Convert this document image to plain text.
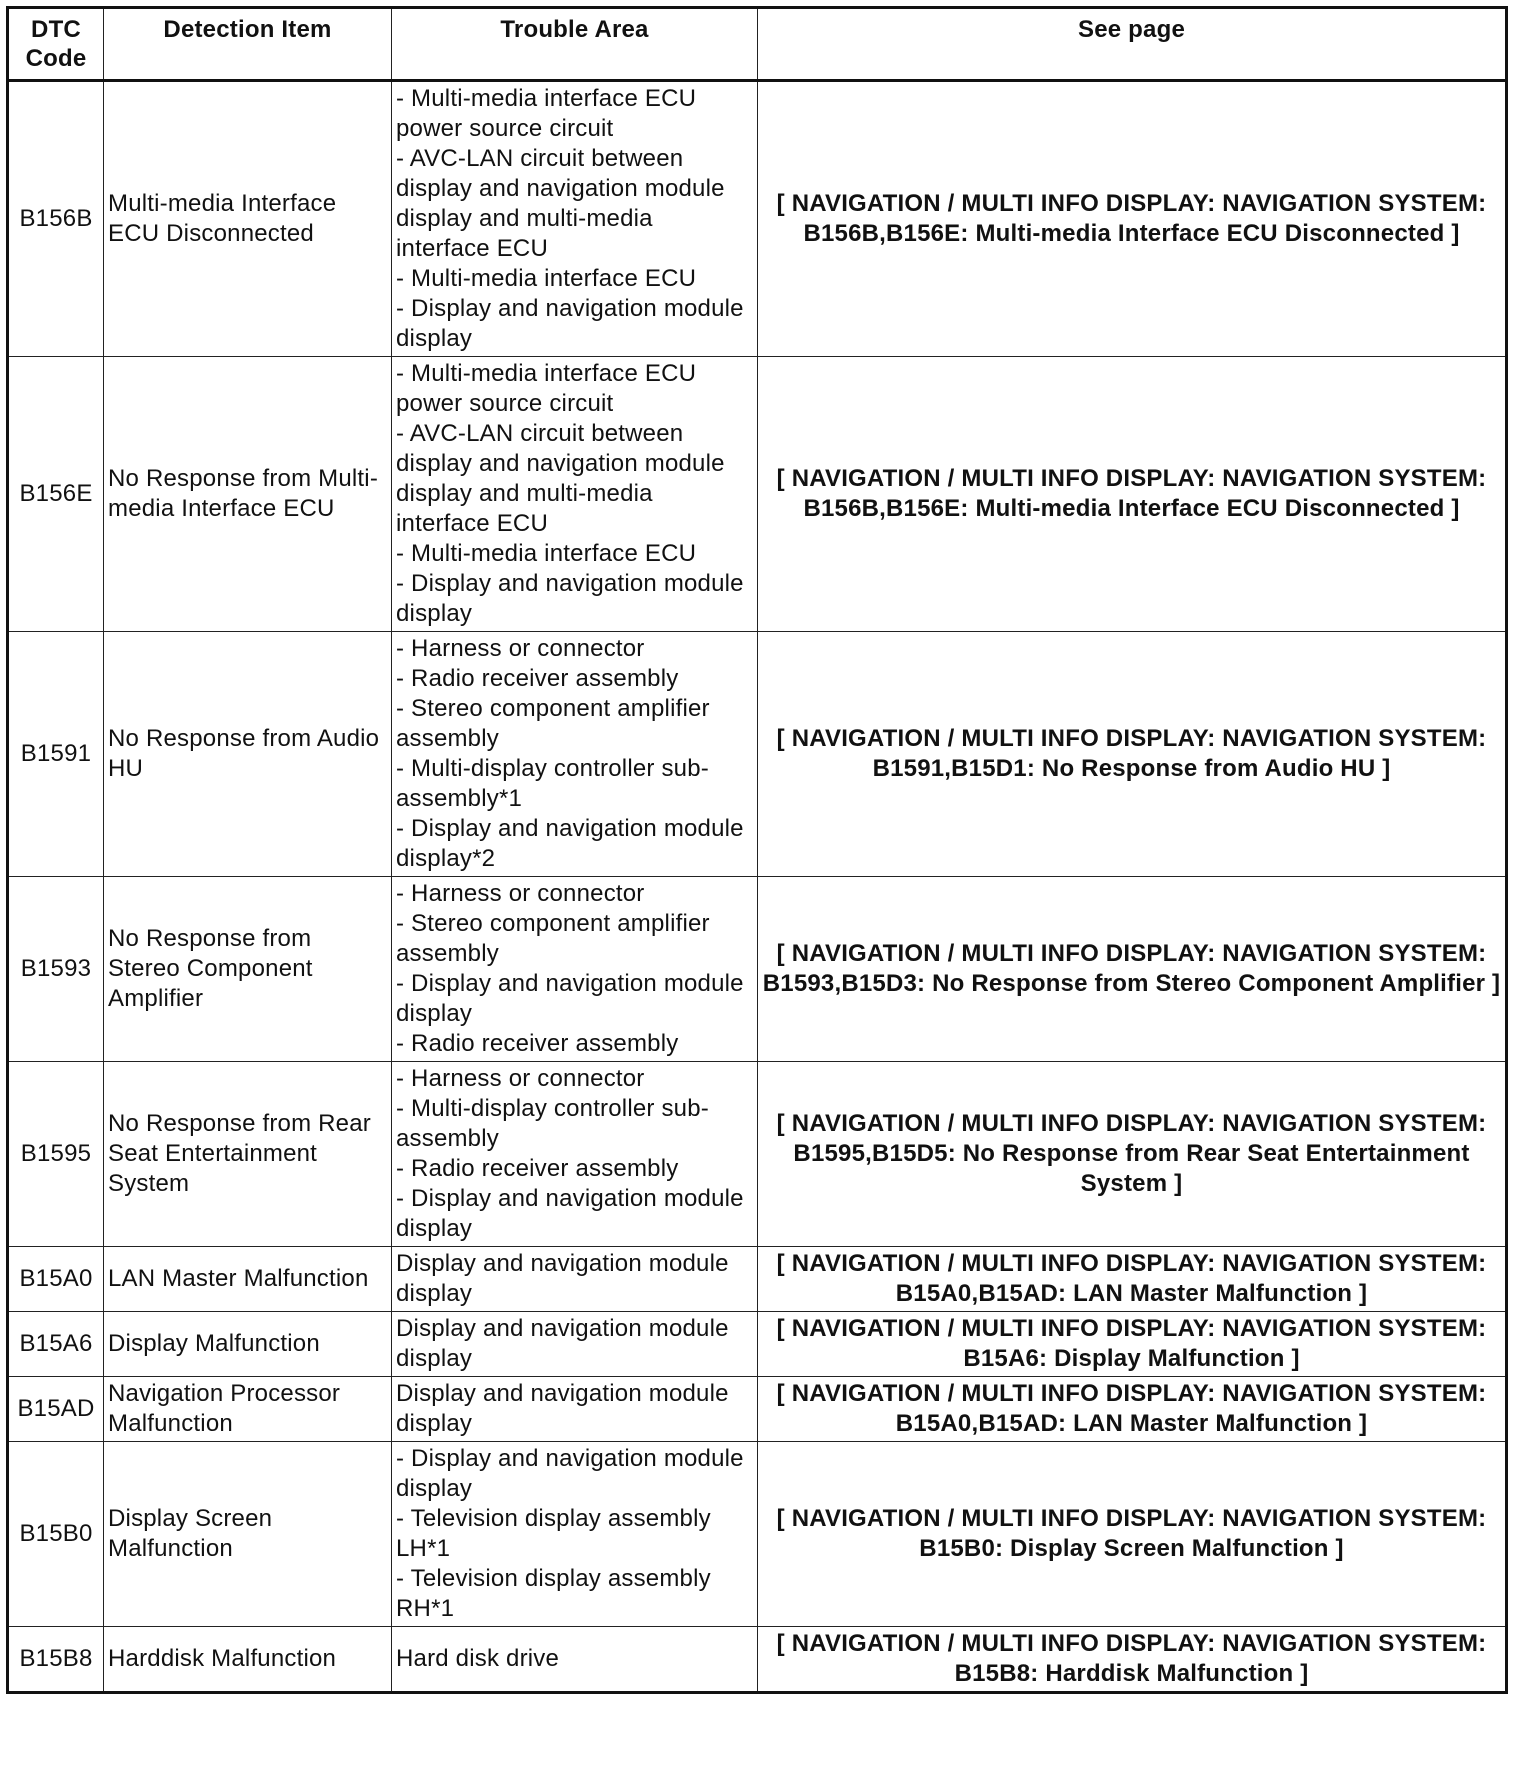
DTC Code	Detection Item	Trouble Area	See page
B156B	Multi-media Interface ECU Disconnected	- Multi-media interface ECU power source circuit
- AVC-LAN circuit between display and navigation module display and multi-media interface ECU
- Multi-media interface ECU
- Display and navigation module display	[ NAVIGATION / MULTI INFO DISPLAY: NAVIGATION SYSTEM: B156B,B156E: Multi-media Interface ECU Disconnected ]
B156E	No Response from Multi-media Interface ECU	- Multi-media interface ECU power source circuit
- AVC-LAN circuit between display and navigation module display and multi-media interface ECU
- Multi-media interface ECU
- Display and navigation module display	[ NAVIGATION / MULTI INFO DISPLAY: NAVIGATION SYSTEM: B156B,B156E: Multi-media Interface ECU Disconnected ]
B1591	No Response from Audio HU	- Harness or connector
- Radio receiver assembly
- Stereo component amplifier assembly
- Multi-display controller sub-assembly*1
- Display and navigation module display*2	[ NAVIGATION / MULTI INFO DISPLAY: NAVIGATION SYSTEM: B1591,B15D1: No Response from Audio HU ]
B1593	No Response from Stereo Component Amplifier	- Harness or connector
- Stereo component amplifier assembly
- Display and navigation module display
- Radio receiver assembly	[ NAVIGATION / MULTI INFO DISPLAY: NAVIGATION SYSTEM: B1593,B15D3: No Response from Stereo Component Amplifier ]
B1595	No Response from Rear Seat Entertainment System	- Harness or connector
- Multi-display controller sub-assembly
- Radio receiver assembly
- Display and navigation module display	[ NAVIGATION / MULTI INFO DISPLAY: NAVIGATION SYSTEM: B1595,B15D5: No Response from Rear Seat Entertainment System ]
B15A0	LAN Master Malfunction	Display and navigation module display	[ NAVIGATION / MULTI INFO DISPLAY: NAVIGATION SYSTEM: B15A0,B15AD: LAN Master Malfunction ]
B15A6	Display Malfunction	Display and navigation module display	[ NAVIGATION / MULTI INFO DISPLAY: NAVIGATION SYSTEM: B15A6: Display Malfunction ]
B15AD	Navigation Processor Malfunction	Display and navigation module display	[ NAVIGATION / MULTI INFO DISPLAY: NAVIGATION SYSTEM: B15A0,B15AD: LAN Master Malfunction ]
B15B0	Display Screen Malfunction	- Display and navigation module display
- Television display assembly LH*1
- Television display assembly RH*1	[ NAVIGATION / MULTI INFO DISPLAY: NAVIGATION SYSTEM: B15B0: Display Screen Malfunction ]
B15B8	Harddisk Malfunction	Hard disk drive	[ NAVIGATION / MULTI INFO DISPLAY: NAVIGATION SYSTEM: B15B8: Harddisk Malfunction ]
